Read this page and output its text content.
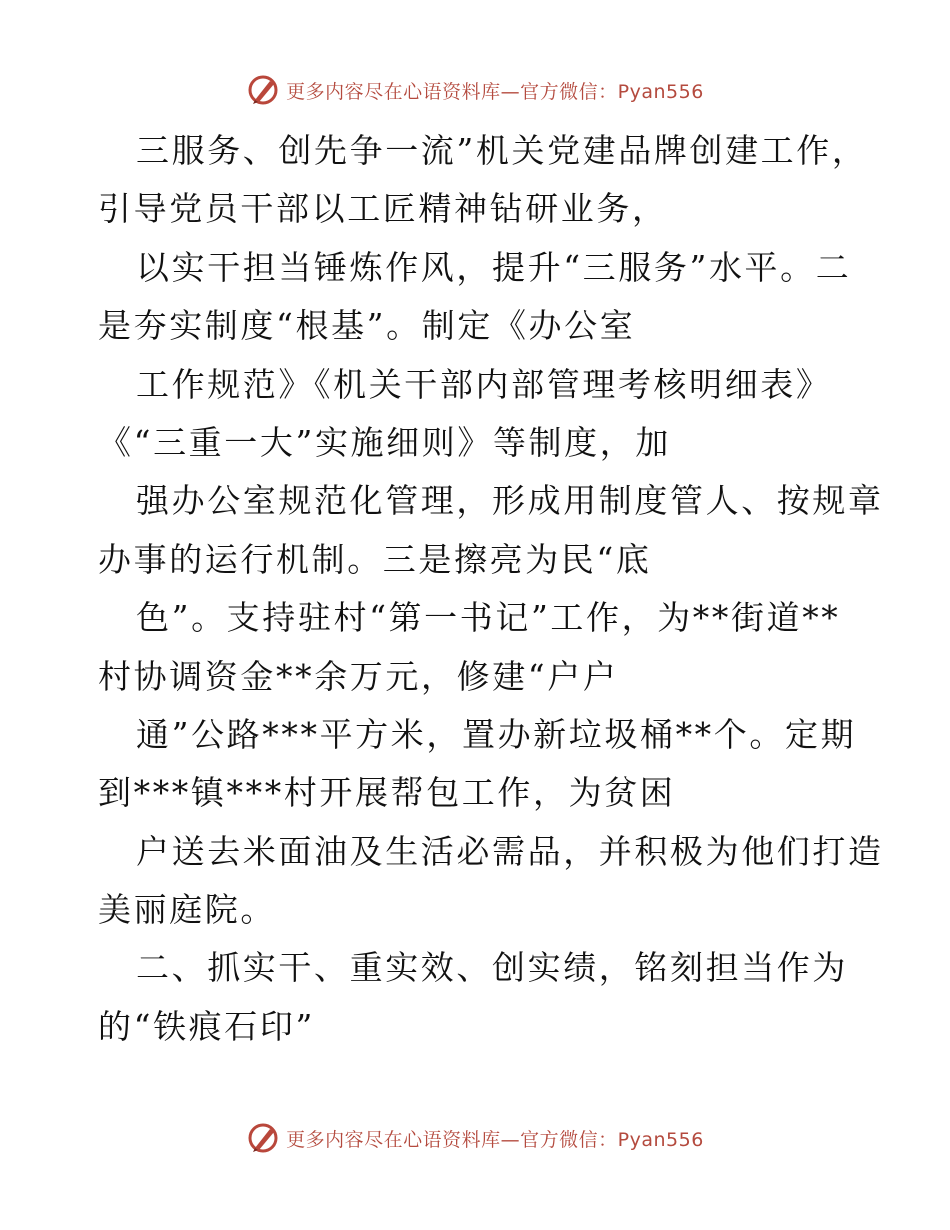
更多内容尽在心语资料库—官方微信：Pyan556
三服务、创先争一流”机关党建品牌创建工作，
引导党员干部以工匠精神钻研业务，
以实干担当锤炼作风，提升“三服务”水平。二
是夯实制度“根基”。制定《办公室
工作规范》《机关干部内部管理考核明细表》
《“三重一大”实施细则》等制度，加
强办公室规范化管理，形成用制度管人、按规章
办事的运行机制。三是擦亮为民“底
色”。支持驻村“第一书记”工作，为**街道**
村协调资金**余万元，修建“户户
通”公路***平方米，置办新垃圾桶**个。定期
到***镇***村开展帮包工作，为贫困
户送去米面油及生活必需品，并积极为他们打造
美丽庭院。
二、抓实干、重实效、创实绩，铭刻担当作为
的“铁痕石印”
更多内容尽在心语资料库—官方微信：Pyan556
